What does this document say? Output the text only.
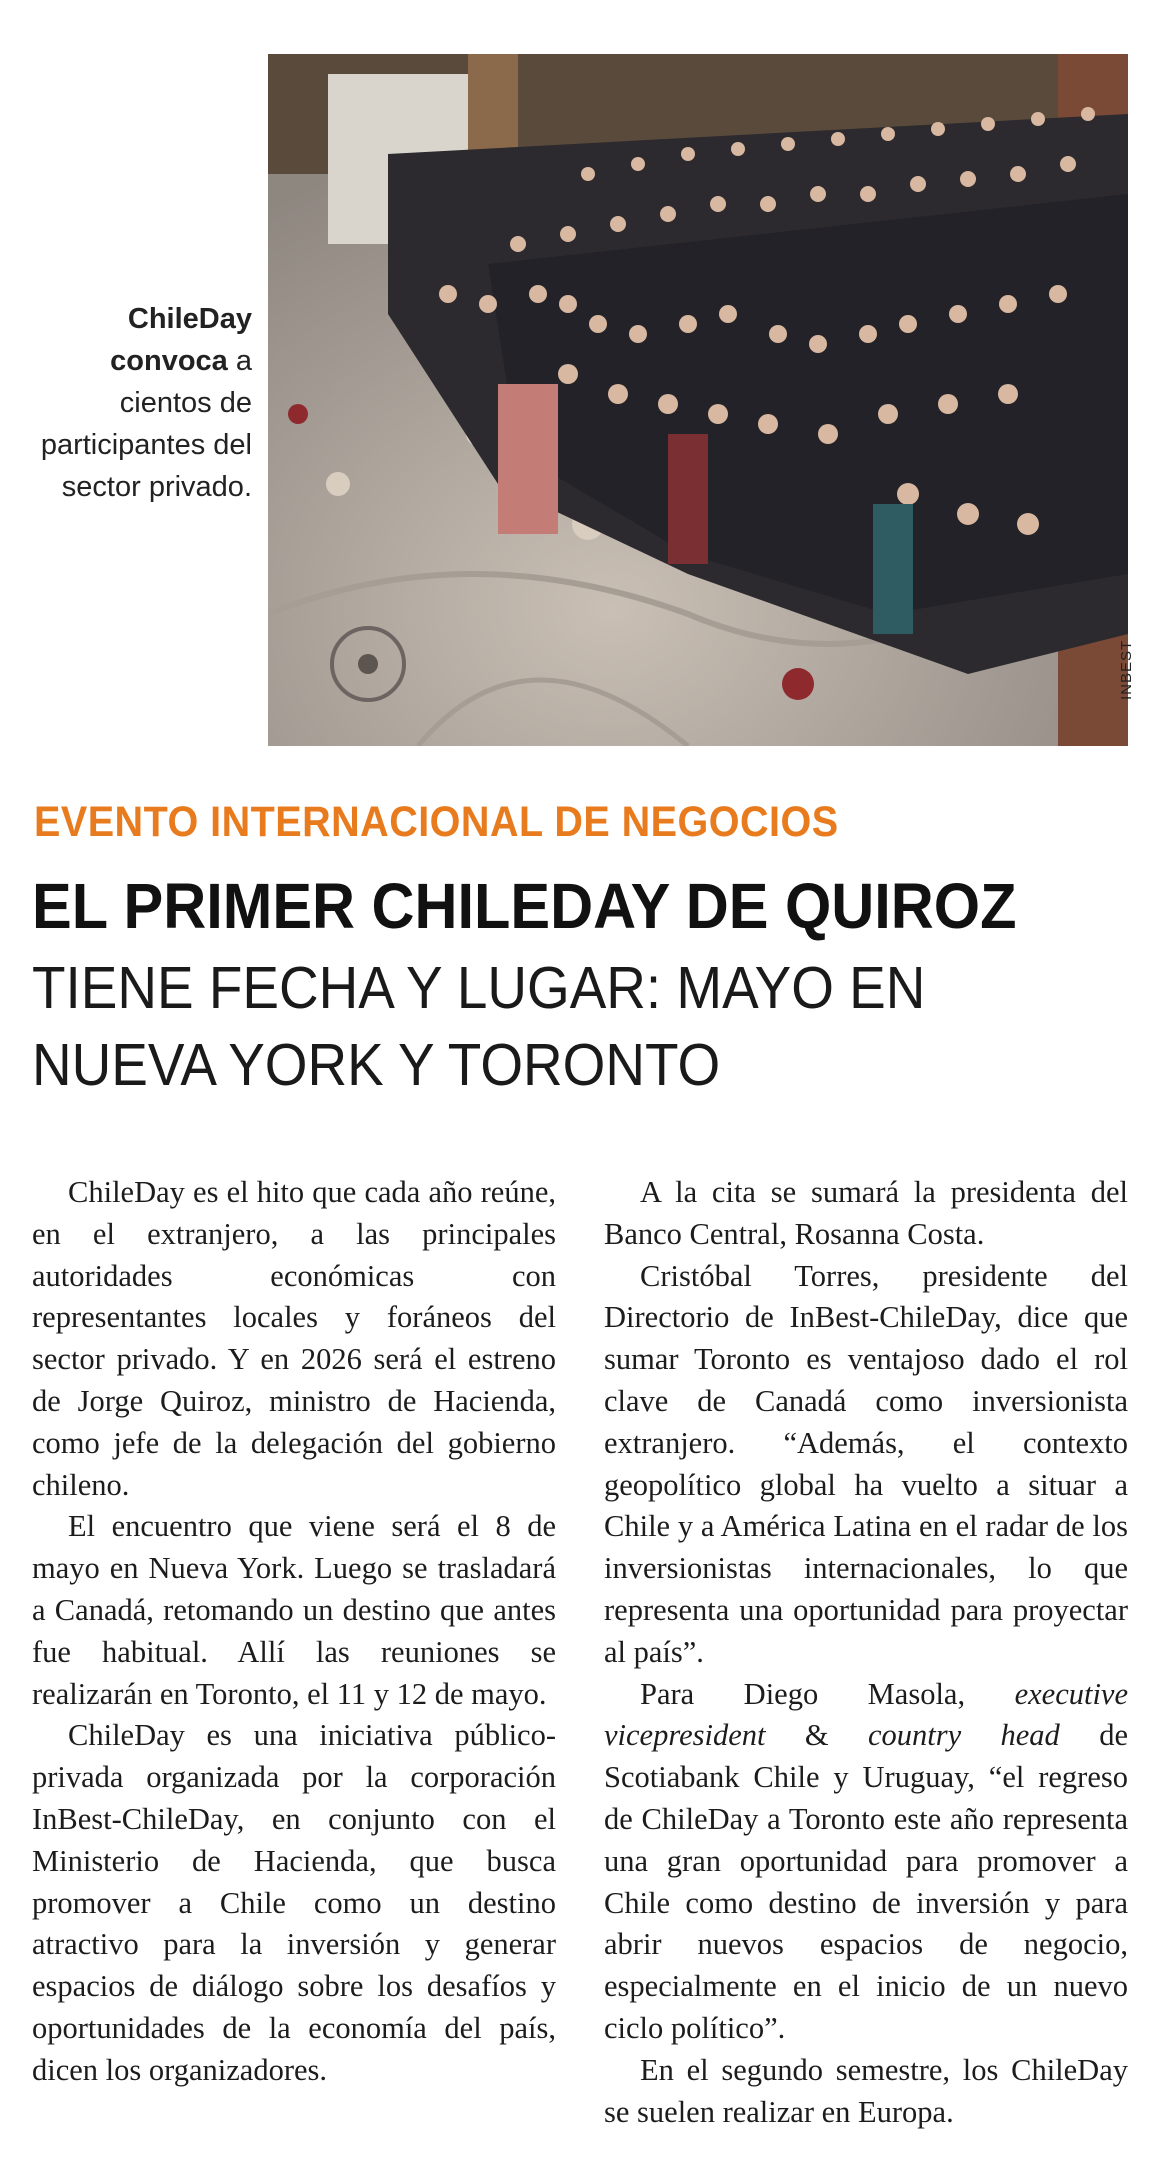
ChileDay convoca a cientos de participantes del sector privado.
INBEST
EVENTO INTERNACIONAL DE NEGOCIOS
EL PRIMER CHILEDAY DE QUIROZ
TIENE FECHA Y LUGAR: MAYO EN
NUEVA YORK Y TORONTO

ChileDay es el hito que cada año reúne, en el extranjero, a las principales autoridades económicas con representantes locales y foráneos del sector privado. Y en 2026 será el estreno de Jorge Quiroz, ministro de Hacienda, como jefe de la delegación del gobierno chileno.

El encuentro que viene será el 8 de mayo en Nueva York. Luego se trasladará a Canadá, retomando un destino que antes fue habitual. Allí las reuniones se realizarán en Toronto, el 11 y 12 de mayo.

ChileDay es una iniciativa público-privada organizada por la corporación InBest-ChileDay, en conjunto con el Ministerio de Hacienda, que busca promover a Chile como un destino atractivo para la inversión y generar espacios de diálogo sobre los desafíos y oportunidades de la economía del país, dicen los organizadores.

A la cita se sumará la presidenta del Banco Central, Rosanna Costa.

Cristóbal Torres, presidente del Directorio de InBest-ChileDay, dice que sumar Toronto es ventajoso dado el rol clave de Canadá como inversionista extranjero. “Además, el contexto geopolítico global ha vuelto a situar a Chile y a América Latina en el radar de los inversionistas internacionales, lo que representa una oportunidad para proyectar al país”.

Para Diego Masola, executive vicepresident & country head de Scotiabank Chile y Uruguay, “el regreso de ChileDay a Toronto este año representa una gran oportunidad para promover a Chile como destino de inversión y para abrir nuevos espacios de negocio, especialmente en el inicio de un nuevo ciclo político”.

En el segundo semestre, los ChileDay se suelen realizar en Europa.
